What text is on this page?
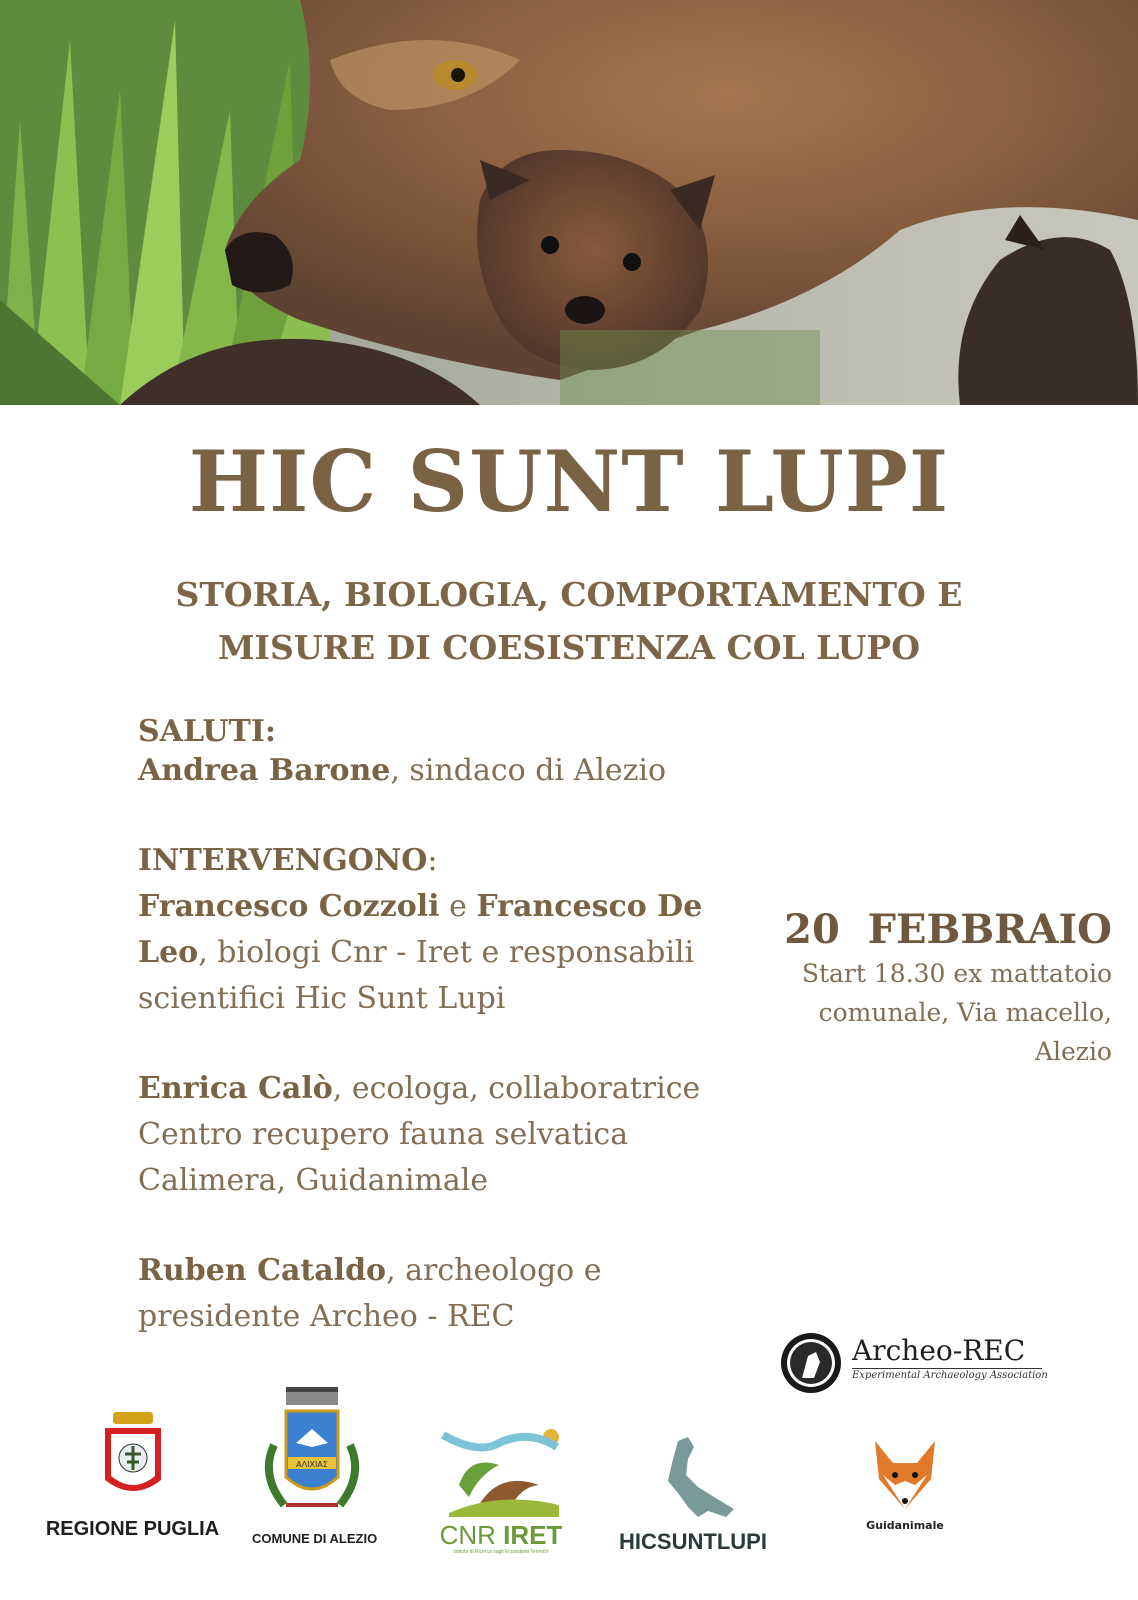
HIC SUNT LUPI
STORIA, BIOLOGIA, COMPORTAMENTO E
MISURE DI COESISTENZA COL LUPO
SALUTI:
Andrea Barone, sindaco di Alezio
INTERVENGONO:
Francesco Cozzoli e Francesco De Leo, biologi Cnr - Iret e responsabili scientifici Hic Sunt Lupi
Enrica Calò, ecologa, collaboratrice Centro recupero fauna selvatica Calimera, Guidanimale
Ruben Cataldo, archeologo e presidente Archeo - REC
20  FEBBRAIO
Start 18.30 ex mattatoio
comunale, Via macello,
Alezio
Archeo-REC
Experimental Archaeology Association
REGIONE PUGLIA
ΑΛΙΧΙΑΣ
COMUNE DI ALEZIO CNR IRET
Istituto di Ricerca sugli Ecosistemi Terrestri	HICSUNTLUPI
Guidanimale
